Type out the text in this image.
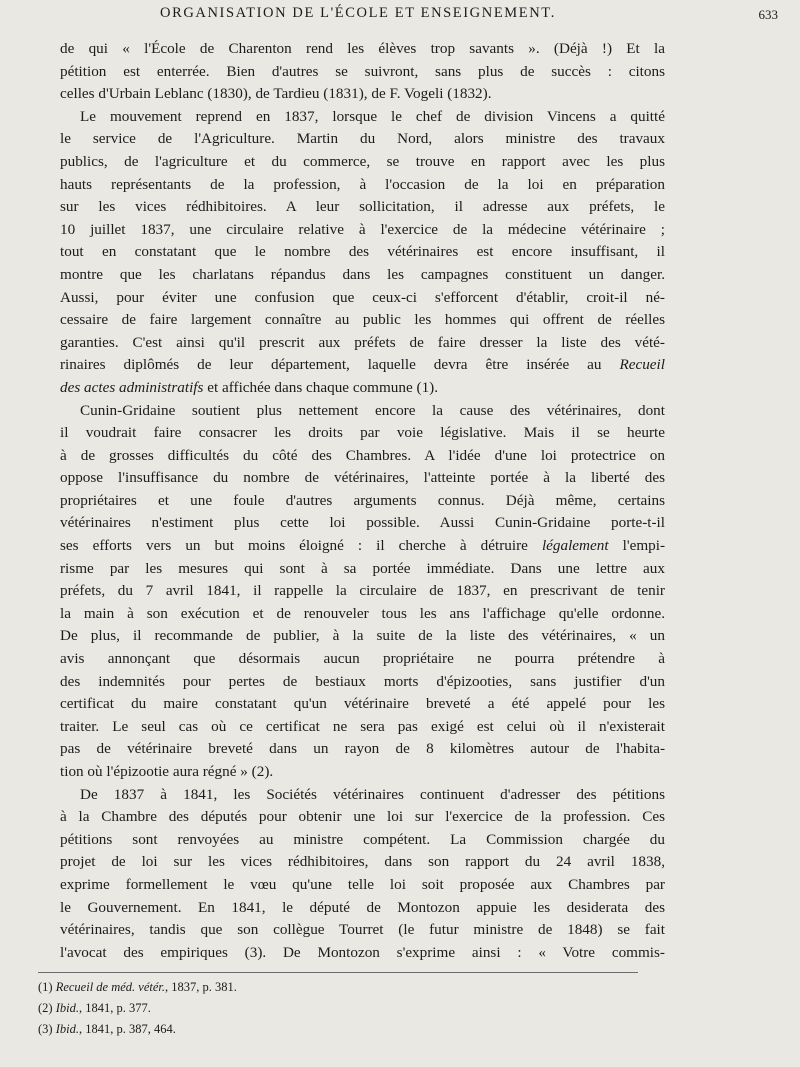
ORGANISATION DE L'ÉCOLE ET ENSEIGNEMENT.	633
de qui « l'École de Charenton rend les élèves trop savants ». (Déjà !) Et la
pétition est enterrée. Bien d'autres se suivront, sans plus de succès : citons
celles d'Urbain Leblanc (1830), de Tardieu (1831), de F. Vogeli (1832).
Le mouvement reprend en 1837, lorsque le chef de division Vincens a quitté
le service de l'Agriculture. Martin du Nord, alors ministre des travaux
publics, de l'agriculture et du commerce, se trouve en rapport avec les plus
hauts représentants de la profession, à l'occasion de la loi en préparation
sur les vices rédhibitoires. A leur sollicitation, il adresse aux préfets, le
10 juillet 1837, une circulaire relative à l'exercice de la médecine vétérinaire ;
tout en constatant que le nombre des vétérinaires est encore insuffisant, il
montre que les charlatans répandus dans les campagnes constituent un danger.
Aussi, pour éviter une confusion que ceux-ci s'efforcent d'établir, croit-il né-
cessaire de faire largement connaître au public les hommes qui offrent de réelles
garanties. C'est ainsi qu'il prescrit aux préfets de faire dresser la liste des vété-
rinaires diplômés de leur département, laquelle devra être insérée au Recueil
des actes administratifs et affichée dans chaque commune (1).
Cunin-Gridaine soutient plus nettement encore la cause des vétérinaires, dont
il voudrait faire consacrer les droits par voie législative. Mais il se heurte
à de grosses difficultés du côté des Chambres. A l'idée d'une loi protectrice on
oppose l'insuffisance du nombre de vétérinaires, l'atteinte portée à la liberté des
propriétaires et une foule d'autres arguments connus. Déjà même, certains
vétérinaires n'estiment plus cette loi possible. Aussi Cunin-Gridaine porte-t-il
ses efforts vers un but moins éloigné : il cherche à détruire légalement l'empi-
risme par les mesures qui sont à sa portée immédiate. Dans une lettre aux
préfets, du 7 avril 1841, il rappelle la circulaire de 1837, en prescrivant de tenir
la main à son exécution et de renouveler tous les ans l'affichage qu'elle ordonne.
De plus, il recommande de publier, à la suite de la liste des vétérinaires, « un
avis annonçant que désormais aucun propriétaire ne pourra prétendre à
des indemnités pour pertes de bestiaux morts d'épizooties, sans justifier d'un
certificat du maire constatant qu'un vétérinaire breveté a été appelé pour les
traiter. Le seul cas où ce certificat ne sera pas exigé est celui où il n'existerait
pas de vétérinaire breveté dans un rayon de 8 kilomètres autour de l'habita-
tion où l'épizootie aura régné » (2).
De 1837 à 1841, les Sociétés vétérinaires continuent d'adresser des pétitions
à la Chambre des députés pour obtenir une loi sur l'exercice de la profession. Ces
pétitions sont renvoyées au ministre compétent. La Commission chargée du
projet de loi sur les vices rédhibitoires, dans son rapport du 24 avril 1838,
exprime formellement le vœu qu'une telle loi soit proposée aux Chambres par
le Gouvernement. En 1841, le député de Montozon appuie les desiderata des
vétérinaires, tandis que son collègue Tourret (le futur ministre de 1848) se fait
l'avocat des empiriques (3). De Montozon s'exprime ainsi : « Votre commis-
(1) Recueil de méd. vétér., 1837, p. 381.
(2) Ibid., 1841, p. 377.
(3) Ibid., 1841, p. 387, 464.
